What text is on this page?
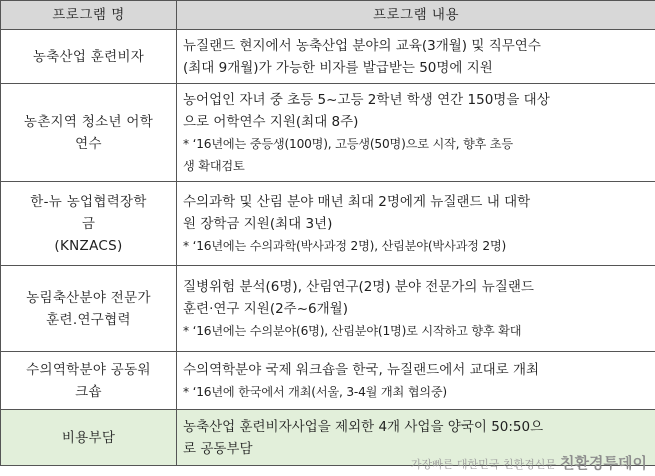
프로그램 명	프로그램 내용

농축산업 훈련비자	뉴질랜드 현지에서 농축산업 분야의 교육(3개월) 및 직무연수
(최대 9개월)가 가능한 비자를 발급받는 50명에 지원

농촌지역 청소년 어학
연수	농어업인 자녀 중 초등 5~고등 2학년 학생 연간 150명을 대상
으로 어학연수 지원(최대 8주)
* ‘16년에는 중등생(100명), 고등생(50명)으로 시작, 향후 초등
생 확대검토

한-뉴 농업협력장학
금
(KNZACS)	수의과학 및 산림 분야 매년 최대 2명에게 뉴질랜드 내 대학
원 장학금 지원(최대 3년)
* ‘16년에는 수의과학(박사과정 2명), 산림분야(박사과정 2명)

농림축산분야 전문가
훈련.연구협력	질병위험 분석(6명), 산림연구(2명) 분야 전문가의 뉴질랜드
훈련·연구 지원(2주~6개월)
* ‘16년에는 수의분야(6명), 산림분야(1명)로 시작하고 향후 확대

수의역학분야 공동워
크숍	수의역학분야 국제 워크숍을 한국, 뉴질랜드에서 교대로 개최
* ‘16년에 한국에서 개최(서울, 3-4월 개최 협의중)

비용부담	농축산업 훈련비자사업을 제외한 4개 사업을 양국이 50:50으
로 공동부담
가장빠른 대한민국 친환경신문 친환경투데이
